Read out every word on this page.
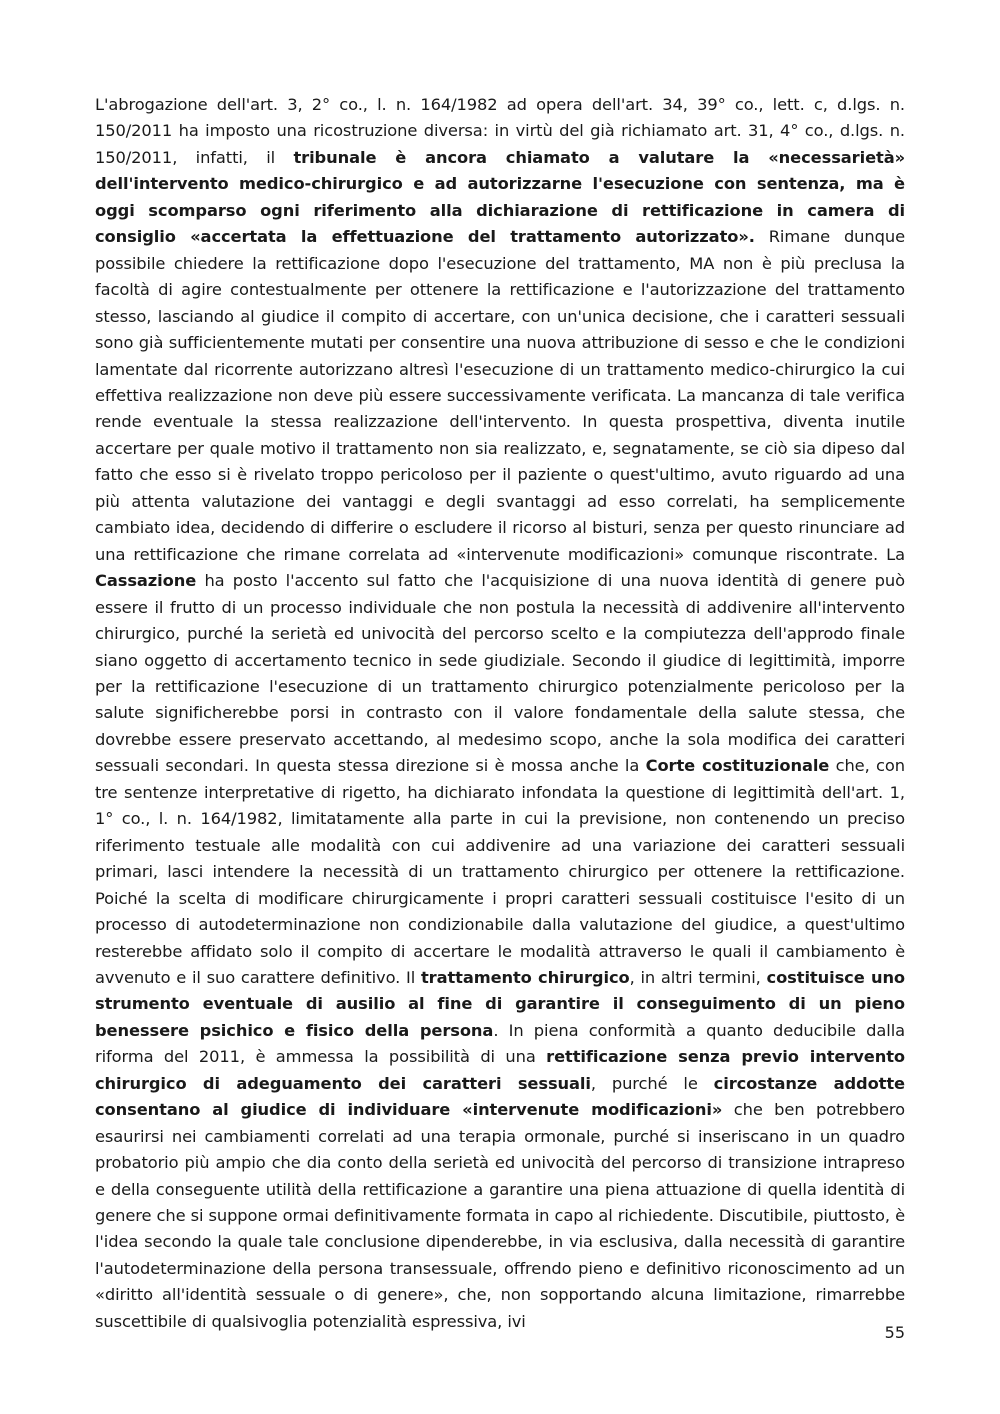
L'abrogazione dell'art. 3, 2° co., l. n. 164/1982 ad opera dell'art. 34, 39° co., lett. c, d.lgs. n. 150/2011 ha imposto una ricostruzione diversa: in virtù del già richiamato art. 31, 4° co., d.lgs. n. 150/2011, infatti, il tribunale è ancora chiamato a valutare la «necessarietà» dell'intervento medico-chirurgico e ad autorizzarne l'esecuzione con sentenza, ma è oggi scomparso ogni riferimento alla dichiarazione di rettificazione in camera di consiglio «accertata la effettuazione del trattamento autorizzato». Rimane dunque possibile chiedere la rettificazione dopo l'esecuzione del trattamento, MA non è più preclusa la facoltà di agire contestualmente per ottenere la rettificazione e l'autorizzazione del trattamento stesso, lasciando al giudice il compito di accertare, con un'unica decisione, che i caratteri sessuali sono già sufficientemente mutati per consentire una nuova attribuzione di sesso e che le condizioni lamentate dal ricorrente autorizzano altresì l'esecuzione di un trattamento medico-chirurgico la cui effettiva realizzazione non deve più essere successivamente verificata. La mancanza di tale verifica rende eventuale la stessa realizzazione dell'intervento. In questa prospettiva, diventa inutile accertare per quale motivo il trattamento non sia realizzato, e, segnatamente, se ciò sia dipeso dal fatto che esso si è rivelato troppo pericoloso per il paziente o quest'ultimo, avuto riguardo ad una più attenta valutazione dei vantaggi e degli svantaggi ad esso correlati, ha semplicemente cambiato idea, decidendo di differire o escludere il ricorso al bisturi, senza per questo rinunciare ad una rettificazione che rimane correlata ad «intervenute modificazioni» comunque riscontrate. La Cassazione ha posto l'accento sul fatto che l'acquisizione di una nuova identità di genere può essere il frutto di un processo individuale che non postula la necessità di addivenire all'intervento chirurgico, purché la serietà ed univocità del percorso scelto e la compiutezza dell'approdo finale siano oggetto di accertamento tecnico in sede giudiziale. Secondo il giudice di legittimità, imporre per la rettificazione l'esecuzione di un trattamento chirurgico potenzialmente pericoloso per la salute significherebbe porsi in contrasto con il valore fondamentale della salute stessa, che dovrebbe essere preservato accettando, al medesimo scopo, anche la sola modifica dei caratteri sessuali secondari. In questa stessa direzione si è mossa anche la Corte costituzionale che, con tre sentenze interpretative di rigetto, ha dichiarato infondata la questione di legittimità dell'art. 1, 1° co., l. n. 164/1982, limitatamente alla parte in cui la previsione, non contenendo un preciso riferimento testuale alle modalità con cui addivenire ad una variazione dei caratteri sessuali primari, lasci intendere la necessità di un trattamento chirurgico per ottenere la rettificazione. Poiché la scelta di modificare chirurgicamente i propri caratteri sessuali costituisce l'esito di un processo di autodeterminazione non condizionabile dalla valutazione del giudice, a quest'ultimo resterebbe affidato solo il compito di accertare le modalità attraverso le quali il cambiamento è avvenuto e il suo carattere definitivo. Il trattamento chirurgico, in altri termini, costituisce uno strumento eventuale di ausilio al fine di garantire il conseguimento di un pieno benessere psichico e fisico della persona. In piena conformità a quanto deducibile dalla riforma del 2011, è ammessa la possibilità di una rettificazione senza previo intervento chirurgico di adeguamento dei caratteri sessuali, purché le circostanze addotte consentano al giudice di individuare «intervenute modificazioni» che ben potrebbero esaurirsi nei cambiamenti correlati ad una terapia ormonale, purché si inseriscano in un quadro probatorio più ampio che dia conto della serietà ed univocità del percorso di transizione intrapreso e della conseguente utilità della rettificazione a garantire una piena attuazione di quella identità di genere che si suppone ormai definitivamente formata in capo al richiedente. Discutibile, piuttosto, è l'idea secondo la quale tale conclusione dipenderebbe, in via esclusiva, dalla necessità di garantire l'autodeterminazione della persona transessuale, offrendo pieno e definitivo riconoscimento ad un «diritto all'identità sessuale o di genere», che, non sopportando alcuna limitazione, rimarrebbe suscettibile di qualsivoglia potenzialità espressiva, ivi

55
